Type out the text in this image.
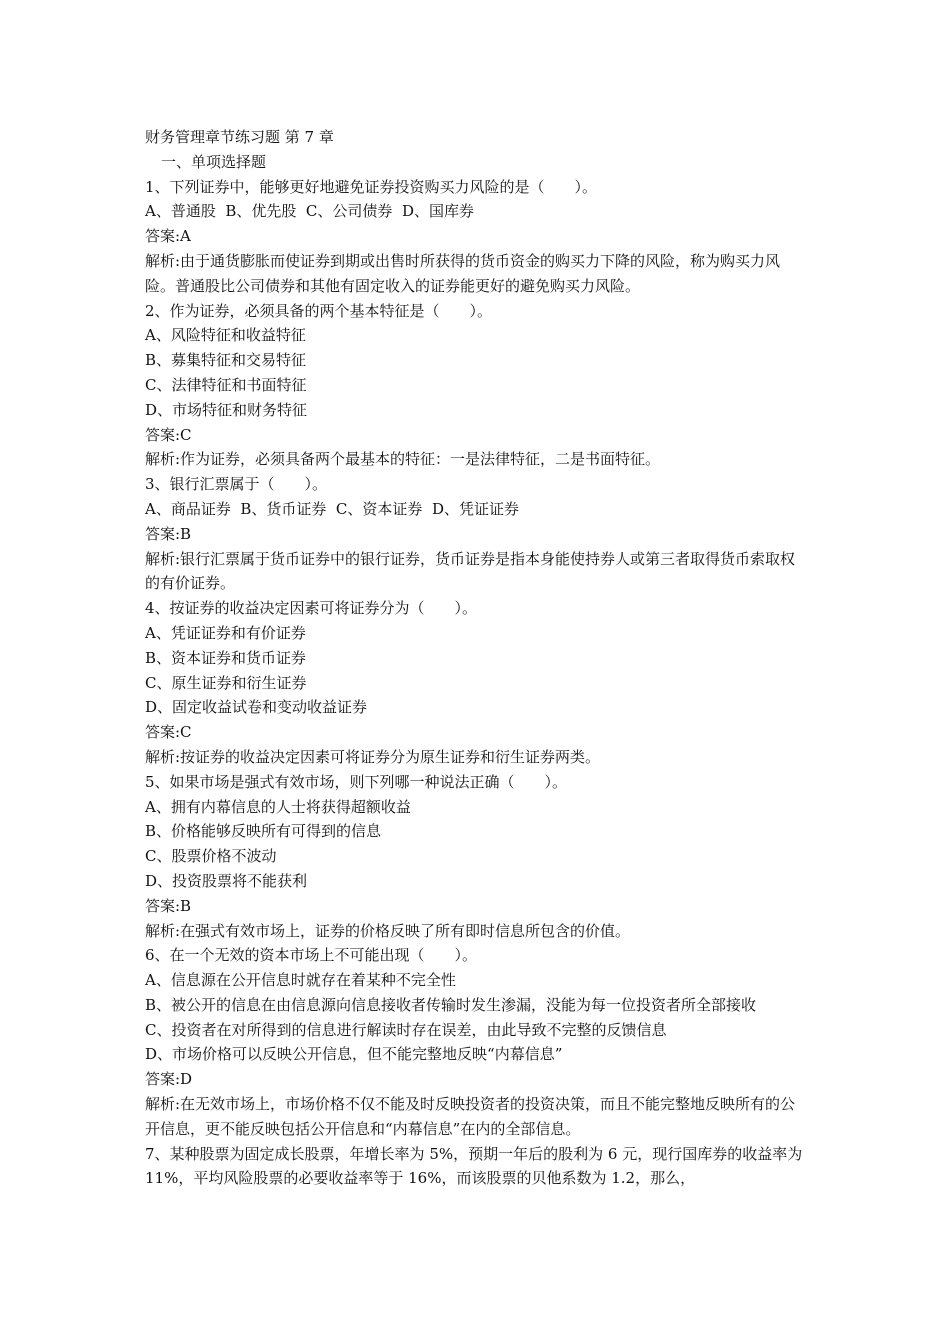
财务管理章节练习题 第 7 章
一、单项选择题
1、下列证券中，能够更好地避免证券投资购买力风险的是（　　）。
A、普通股  B、优先股  C、公司债券  D、国库券
答案:A
解析:由于通货膨胀而使证券到期或出售时所获得的货币资金的购买力下降的风险，称为购买力风险。普通股比公司债券和其他有固定收入的证券能更好的避免购买力风险。
2、作为证券，必须具备的两个基本特征是（　　）。
A、风险特征和收益特征
B、募集特征和交易特征
C、法律特征和书面特征
D、市场特征和财务特征
答案:C
解析:作为证券，必须具备两个最基本的特征：一是法律特征，二是书面特征。
3、银行汇票属于（　　）。
A、商品证券  B、货币证券  C、资本证券  D、凭证证券
答案:B
解析:银行汇票属于货币证券中的银行证券，货币证券是指本身能使持券人或第三者取得货币索取权的有价证券。
4、按证券的收益决定因素可将证券分为（　　）。
A、凭证证券和有价证券
B、资本证券和货币证券
C、原生证券和衍生证券
D、固定收益试卷和变动收益证券
答案:C
解析:按证券的收益决定因素可将证券分为原生证券和衍生证券两类。
5、如果市场是强式有效市场，则下列哪一种说法正确（　　）。
A、拥有内幕信息的人士将获得超额收益
B、价格能够反映所有可得到的信息
C、股票价格不波动
D、投资股票将不能获利
答案:B
解析:在强式有效市场上，证券的价格反映了所有即时信息所包含的价值。
6、在一个无效的资本市场上不可能出现（　　）。
A、信息源在公开信息时就存在着某种不完全性
B、被公开的信息在由信息源向信息接收者传输时发生渗漏，没能为每一位投资者所全部接收
C、投资者在对所得到的信息进行解读时存在误差，由此导致不完整的反馈信息
D、市场价格可以反映公开信息，但不能完整地反映“内幕信息”
答案:D
解析:在无效市场上，市场价格不仅不能及时反映投资者的投资决策，而且不能完整地反映所有的公开信息，更不能反映包括公开信息和“内幕信息”在内的全部信息。
7、某种股票为固定成长股票，年增长率为 5%，预期一年后的股利为 6 元，现行国库券的收益率为 11%，平均风险股票的必要收益率等于 16%，而该股票的贝他系数为 1.2，那么，
